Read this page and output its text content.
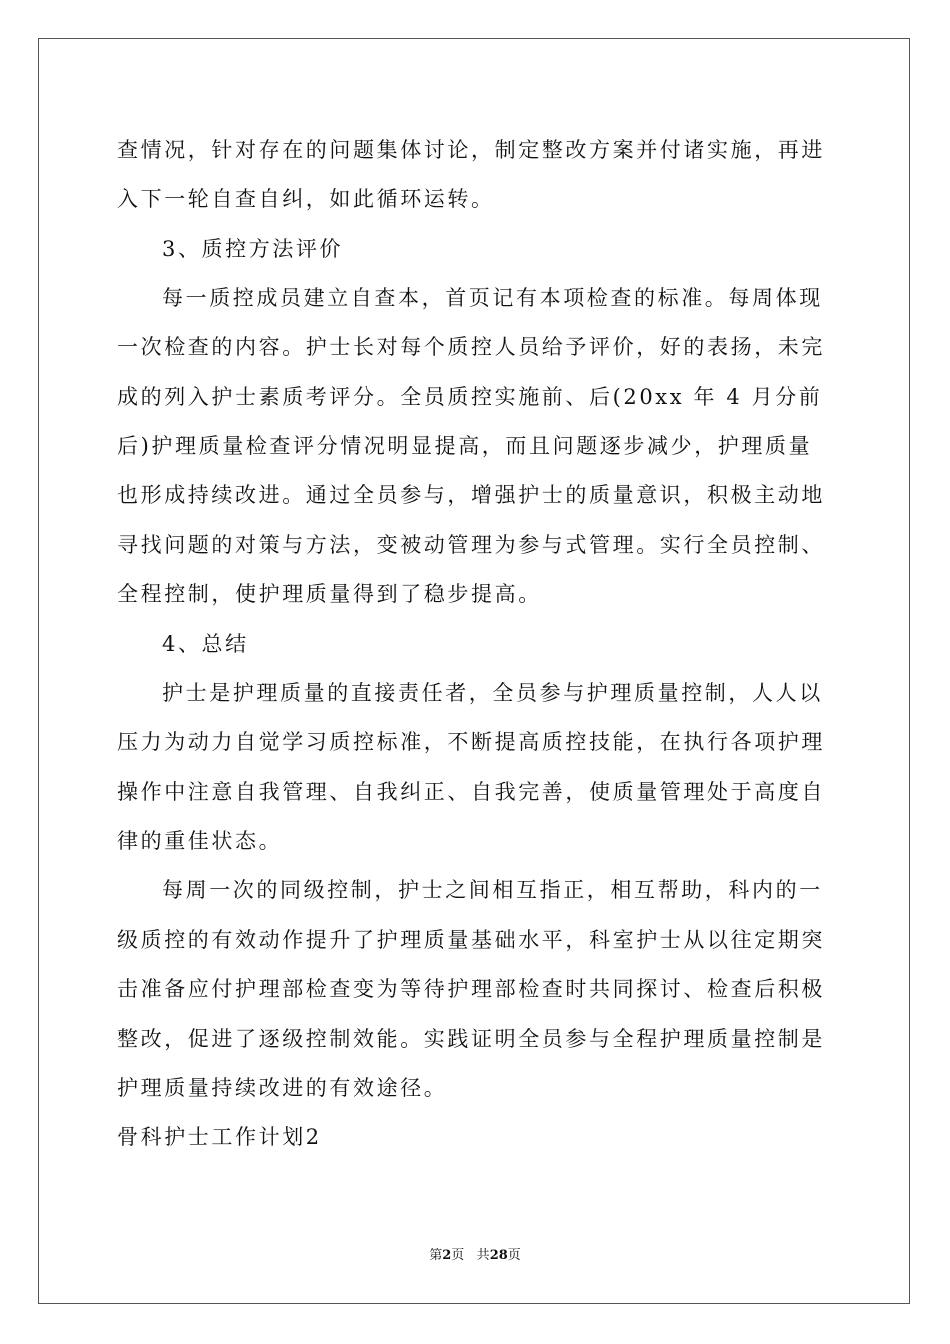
查情况，针对存在的问题集体讨论，制定整改方案并付诸实施，再进
入下一轮自查自纠，如此循环运转。
3、质控方法评价
每一质控成员建立自查本，首页记有本项检查的标准。每周体现
一次检查的内容。护士长对每个质控人员给予评价，好的表扬，未完
成的列入护士素质考评分。全员质控实施前、后(20xx 年 4 月分前
后)护理质量检查评分情况明显提高，而且问题逐步减少，护理质量
也形成持续改进。通过全员参与，增强护士的质量意识，积极主动地
寻找问题的对策与方法，变被动管理为参与式管理。实行全员控制、
全程控制，使护理质量得到了稳步提高。
4、总结
护士是护理质量的直接责任者，全员参与护理质量控制，人人以
压力为动力自觉学习质控标准，不断提高质控技能，在执行各项护理
操作中注意自我管理、自我纠正、自我完善，使质量管理处于高度自
律的重佳状态。
每周一次的同级控制，护士之间相互指正，相互帮助，科内的一
级质控的有效动作提升了护理质量基础水平，科室护士从以往定期突
击准备应付护理部检查变为等待护理部检查时共同探讨、检查后积极
整改，促进了逐级控制效能。实践证明全员参与全程护理质量控制是
护理质量持续改进的有效途径。
骨科护士工作计划2
第2页 共28页
